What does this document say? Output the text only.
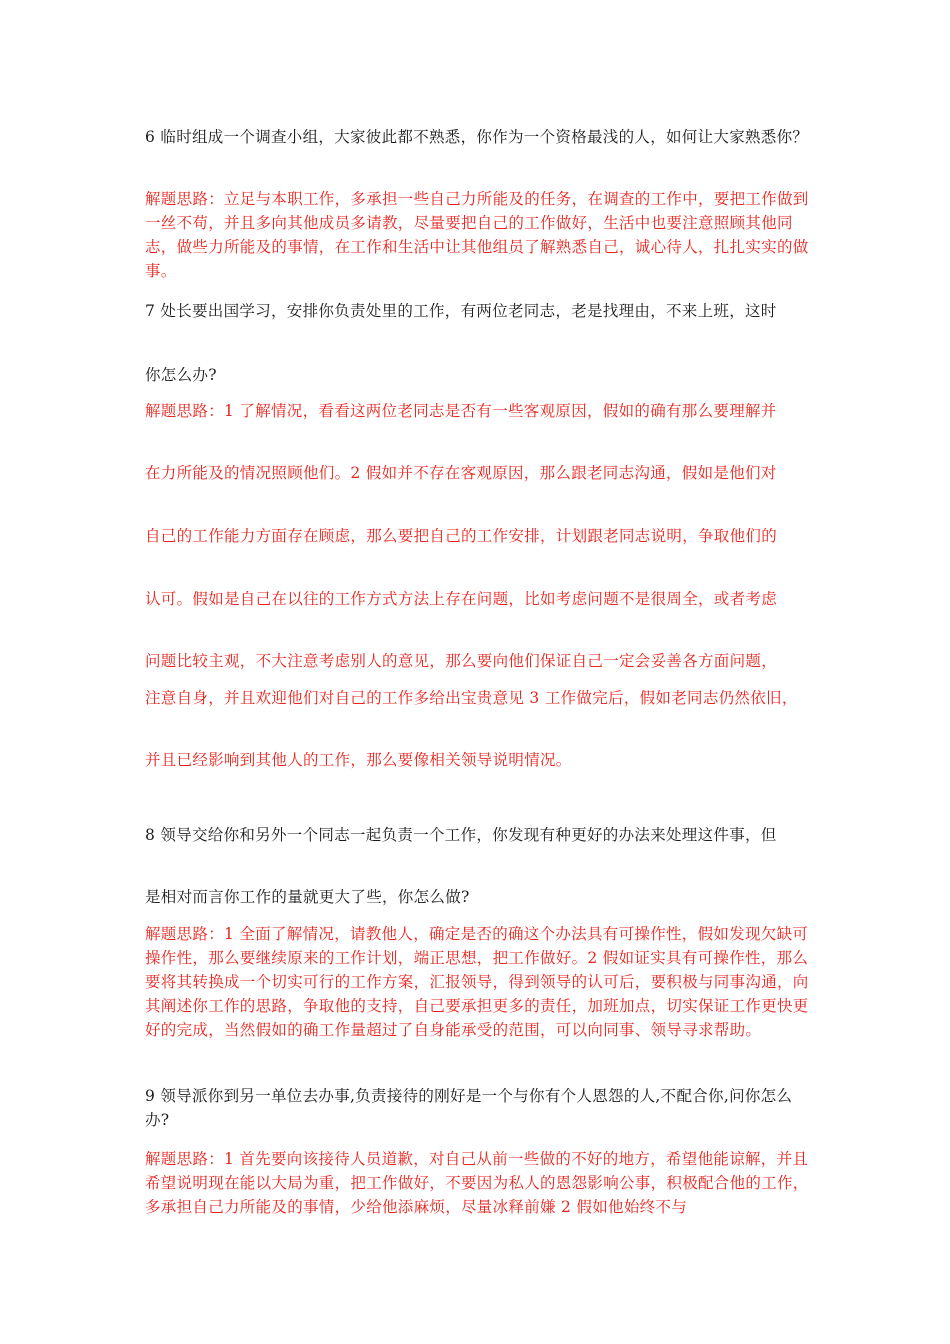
6 临时组成一个调查小组，大家彼此都不熟悉，你作为一个资格最浅的人，如何让大家熟悉你？

解题思路：立足与本职工作，多承担一些自己力所能及的任务，在调查的工作中，要把工作做到一丝不苟，并且多向其他成员多请教，尽量要把自己的工作做好，生活中也要注意照顾其他同志，做些力所能及的事情，在工作和生活中让其他组员了解熟悉自己，诚心待人，扎扎实实的做事。

7 处长要出国学习，安排你负责处里的工作，有两位老同志，老是找理由，不来上班，这时

你怎么办?

解题思路：1 了解情况，看看这两位老同志是否有一些客观原因，假如的确有那么要理解并

在力所能及的情况照顾他们。2 假如并不存在客观原因，那么跟老同志沟通，假如是他们对

自己的工作能力方面存在顾虑，那么要把自己的工作安排，计划跟老同志说明，争取他们的

认可。假如是自己在以往的工作方式方法上存在问题，比如考虑问题不是很周全，或者考虑

问题比较主观，不大注意考虑别人的意见，那么要向他们保证自己一定会妥善各方面问题，

注意自身，并且欢迎他们对自己的工作多给出宝贵意见 3 工作做完后，假如老同志仍然依旧，

并且已经影响到其他人的工作，那么要像相关领导说明情况。

8 领导交给你和另外一个同志一起负责一个工作，你发现有种更好的办法来处理这件事，但

是相对而言你工作的量就更大了些，你怎么做?

解题思路：1 全面了解情况，请教他人，确定是否的确这个办法具有可操作性，假如发现欠缺可操作性，那么要继续原来的工作计划，端正思想，把工作做好。2 假如证实具有可操作性，那么要将其转换成一个切实可行的工作方案，汇报领导，得到领导的认可后，要积极与同事沟通，向其阐述你工作的思路，争取他的支持，自己要承担更多的责任，加班加点，切实保证工作更快更好的完成，当然假如的确工作量超过了自身能承受的范围，可以向同事、领导寻求帮助。

9 领导派你到另一单位去办事,负责接待的刚好是一个与你有个人恩怨的人,不配合你,问你怎么办?

解题思路：1 首先要向该接待人员道歉，对自己从前一些做的不好的地方，希望他能谅解，并且希望说明现在能以大局为重，把工作做好，不要因为私人的恩怨影响公事，积极配合他的工作，多承担自己力所能及的事情，少给他添麻烦，尽量冰释前嫌 2 假如他始终不与
